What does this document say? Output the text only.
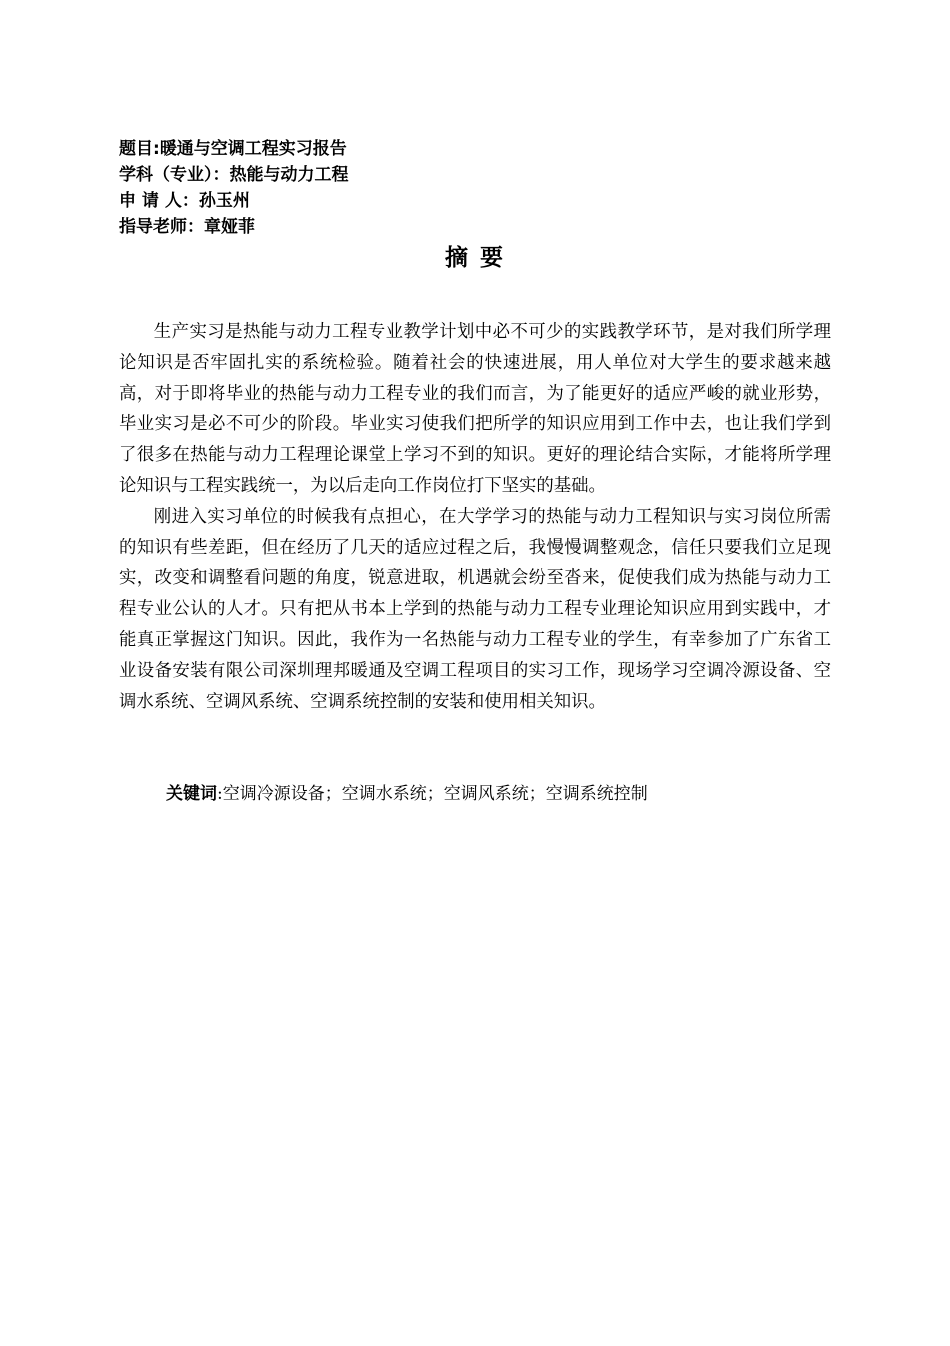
题目:暖通与空调工程实习报告
学科（专业）：热能与动力工程
申 请 人：孙玉州
指导老师：章娅菲
摘 要

生产实习是热能与动力工程专业教学计划中必不可少的实践教学环节，是对我们所学理论知识是否牢固扎实的系统检验。随着社会的快速进展，用人单位对大学生的要求越来越高，对于即将毕业的热能与动力工程专业的我们而言，为了能更好的适应严峻的就业形势，毕业实习是必不可少的阶段。毕业实习使我们把所学的知识应用到工作中去，也让我们学到了很多在热能与动力工程理论课堂上学习不到的知识。更好的理论结合实际，才能将所学理论知识与工程实践统一，为以后走向工作岗位打下坚实的基础。

刚进入实习单位的时候我有点担心，在大学学习的热能与动力工程知识与实习岗位所需的知识有些差距，但在经历了几天的适应过程之后，我慢慢调整观念，信任只要我们立足现实，改变和调整看问题的角度，锐意进取，机遇就会纷至沓来，促使我们成为热能与动力工程专业公认的人才。只有把从书本上学到的热能与动力工程专业理论知识应用到实践中，才能真正掌握这门知识。因此，我作为一名热能与动力工程专业的学生，有幸参加了广东省工业设备安装有限公司深圳理邦暖通及空调工程项目的实习工作，现场学习空调冷源设备、空调水系统、空调风系统、空调系统控制的安装和使用相关知识。

关键词:空调冷源设备；空调水系统；空调风系统；空调系统控制
